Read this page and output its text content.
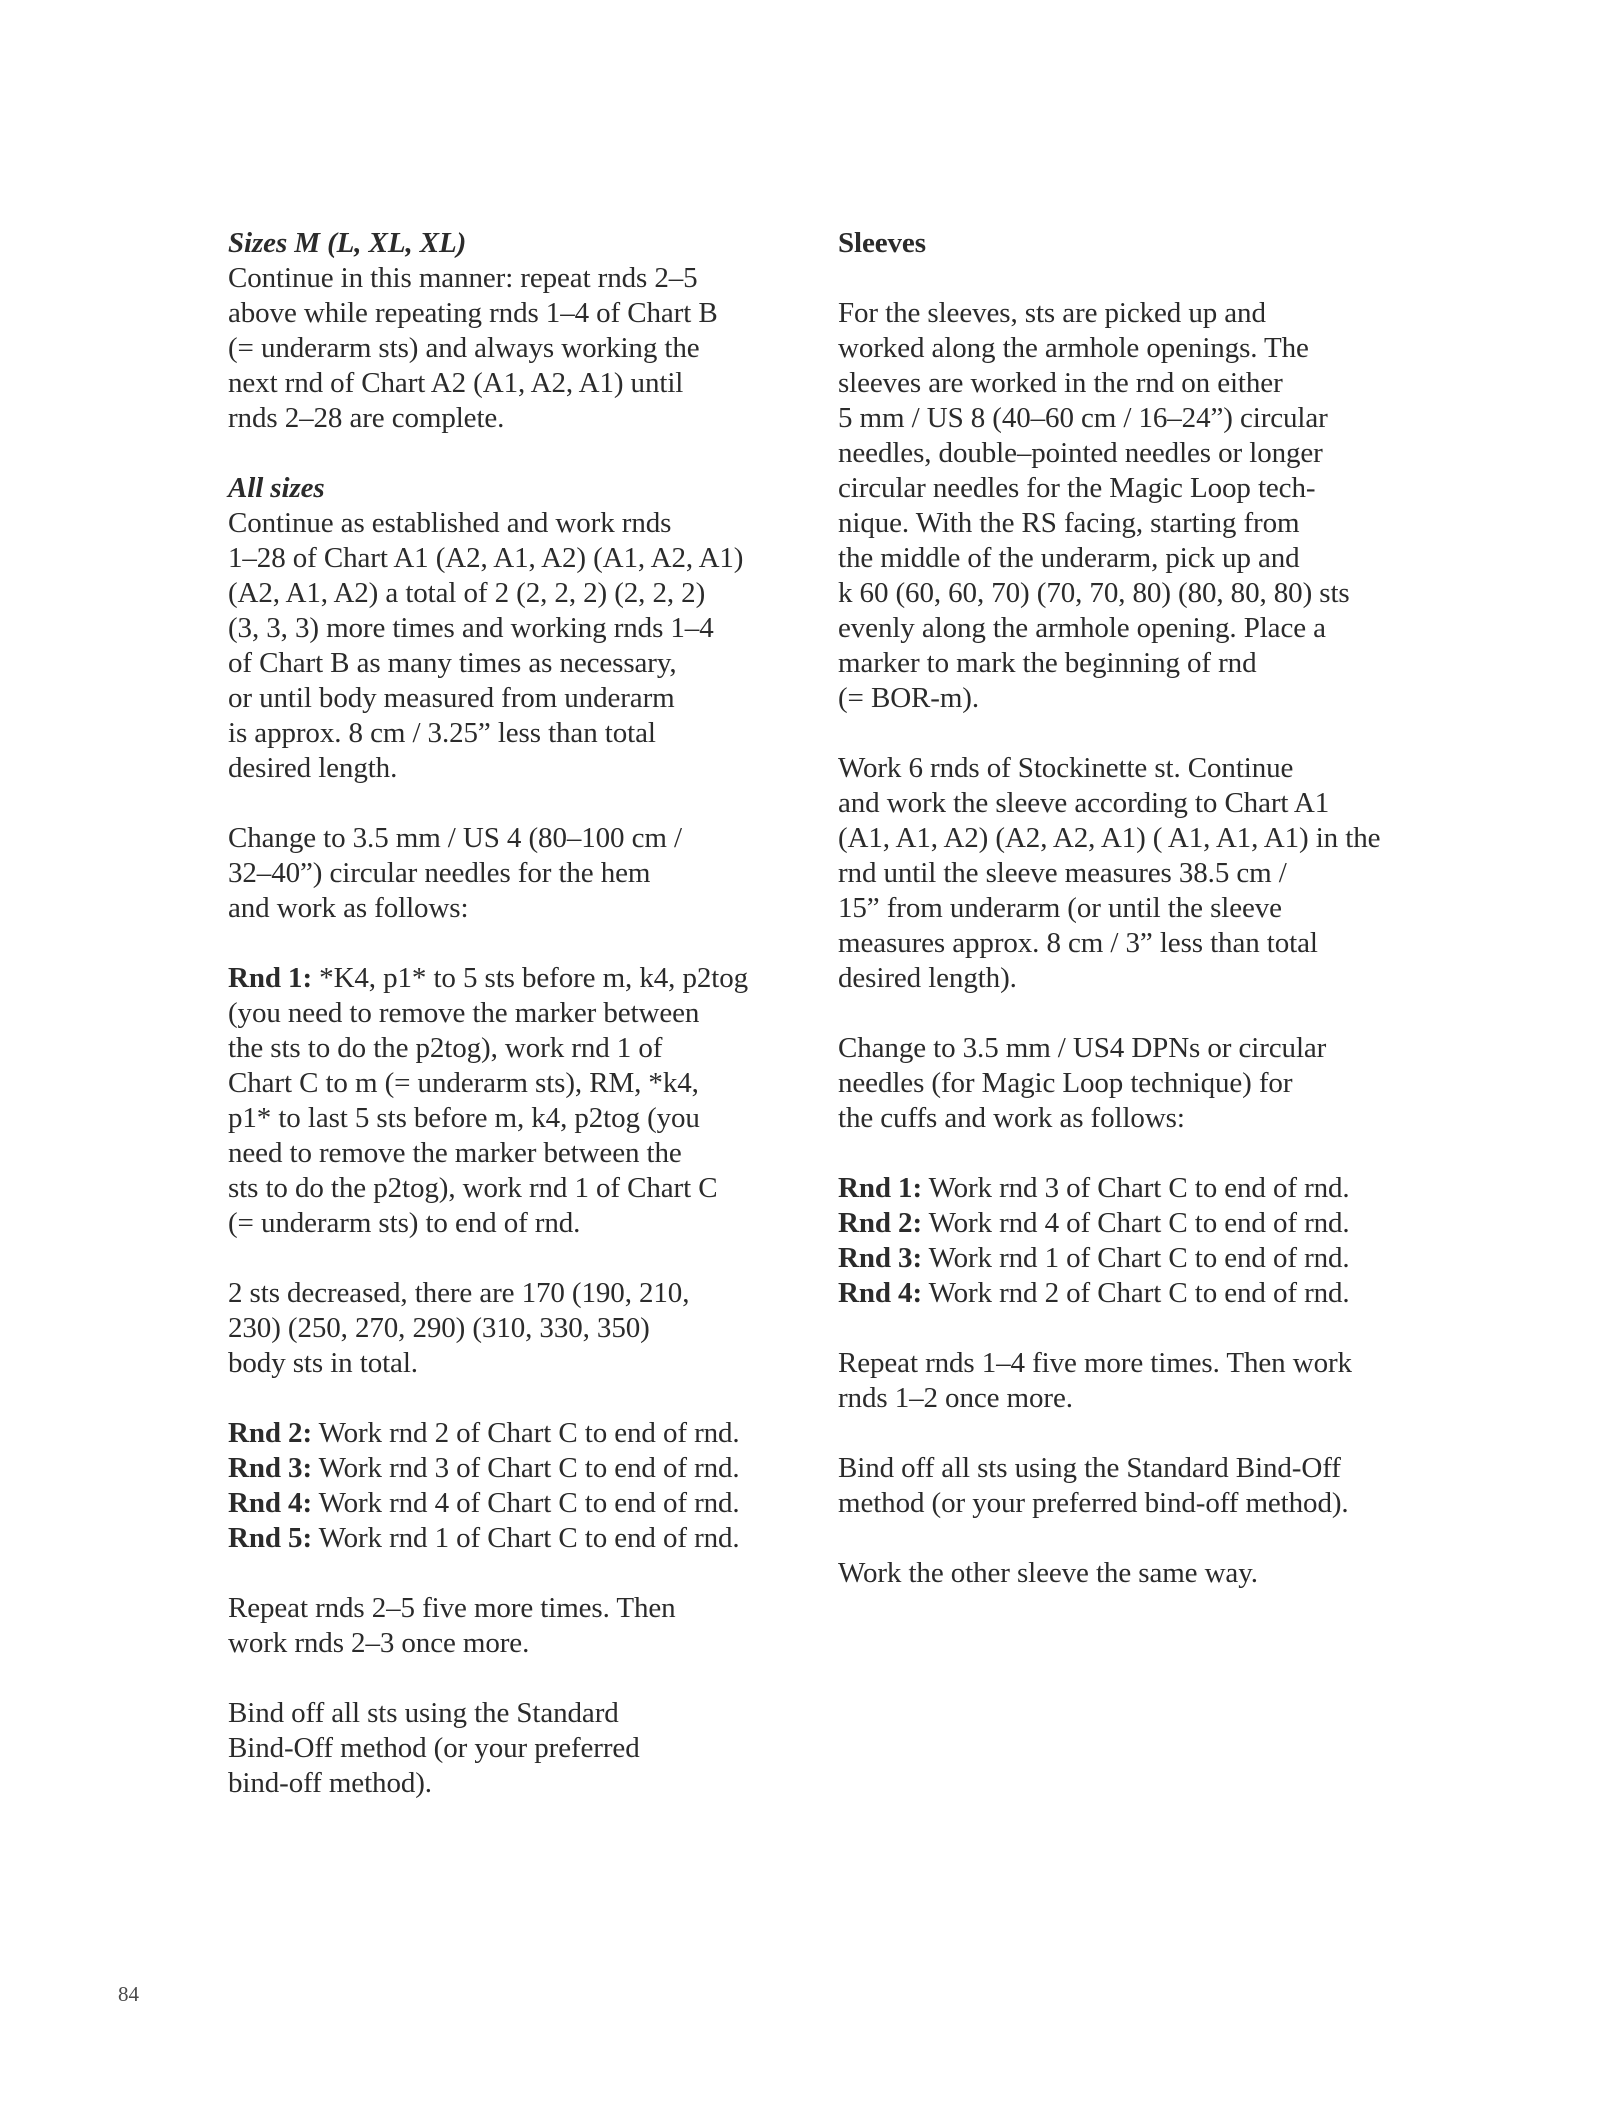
Sizes M (L, XL, XL)

Continue in this manner: repeat rnds 2–5
above while repeating rnds 1–4 of Chart B
(= underarm sts) and always working the
next rnd of Chart A2 (A1, A2, A1) until
rnds 2–28 are complete.

All sizes

Continue as established and work rnds
1–28 of Chart A1 (A2, A1, A2) (A1, A2, A1)
(A2, A1, A2) a total of 2 (2, 2, 2) (2, 2, 2)
(3, 3, 3) more times and working rnds 1–4
of Chart B as many times as necessary,
or until body measured from underarm
is approx. 8 cm / 3.25” less than total
desired length.

Change to 3.5 mm / US 4 (80–100 cm /
32–40”) circular needles for the hem
and work as follows:

Rnd 1: *K4, p1* to 5 sts before m, k4, p2tog
(you need to remove the marker between
the sts to do the p2tog), work rnd 1 of
Chart C to m (= underarm sts), RM, *k4,
p1* to last 5 sts before m, k4, p2tog (you
need to remove the marker between the
sts to do the p2tog), work rnd 1 of Chart C
(= underarm sts) to end of rnd.

2 sts decreased, there are 170 (190, 210,
230) (250, 270, 290) (310, 330, 350)
body sts in total.

Rnd 2: Work rnd 2 of Chart C to end of rnd.
Rnd 3: Work rnd 3 of Chart C to end of rnd.
Rnd 4: Work rnd 4 of Chart C to end of rnd.
Rnd 5: Work rnd 1 of Chart C to end of rnd.

Repeat rnds 2–5 five more times. Then
work rnds 2–3 once more.

Bind off all sts using the Standard
Bind-Off method (or your preferred
bind-off method).

Sleeves

For the sleeves, sts are picked up and
worked along the armhole openings. The
sleeves are worked in the rnd on either
5 mm / US 8 (40–60 cm / 16–24”) circular
needles, double–pointed needles or longer
circular needles for the Magic Loop tech-
nique. With the RS facing, starting from
the middle of the underarm, pick up and
k 60 (60, 60, 70) (70, 70, 80) (80, 80, 80) sts
evenly along the armhole opening. Place a
marker to mark the beginning of rnd
(= BOR-m).

Work 6 rnds of Stockinette st. Continue
and work the sleeve according to Chart A1
(A1, A1, A2) (A2, A2, A1) ( A1, A1, A1) in the
rnd until the sleeve measures 38.5 cm /
15” from underarm (or until the sleeve
measures approx. 8 cm / 3” less than total
desired length).

Change to 3.5 mm / US4 DPNs or circular
needles (for Magic Loop technique) for
the cuffs and work as follows:

Rnd 1: Work rnd 3 of Chart C to end of rnd.
Rnd 2: Work rnd 4 of Chart C to end of rnd.
Rnd 3: Work rnd 1 of Chart C to end of rnd.
Rnd 4: Work rnd 2 of Chart C to end of rnd.

Repeat rnds 1–4 five more times. Then work
rnds 1–2 once more.

Bind off all sts using the Standard Bind-Off
method (or your preferred bind-off method).

Work the other sleeve the same way.

84
